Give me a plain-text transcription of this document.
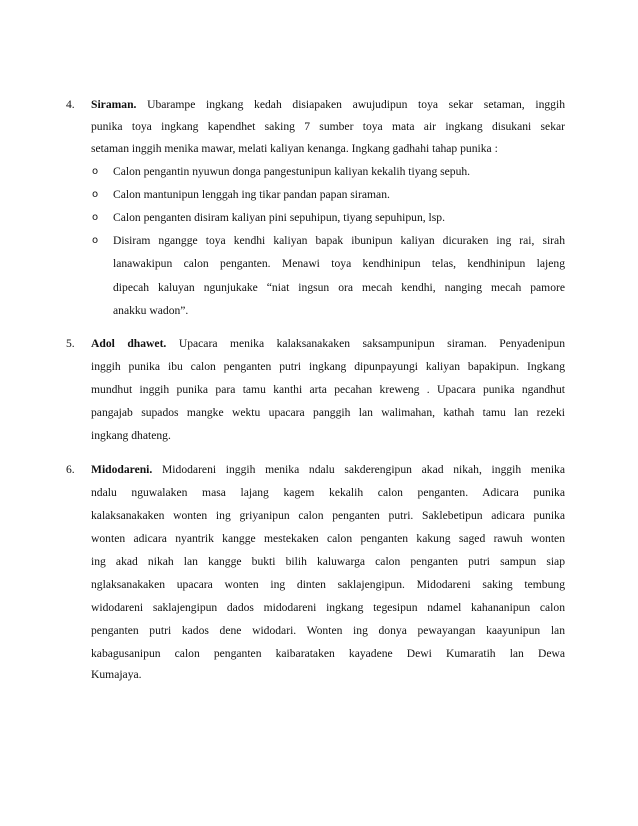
4. Siraman. Ubarampe ingkang kedah disiapaken awujudipun toya sekar setaman, inggih
punika toya ingkang kapendhet saking 7 sumber toya mata air ingkang disukani sekar
setaman inggih menika mawar, melati kaliyan kenanga. Ingkang gadhahi tahap punika :
o Calon pengantin nyuwun donga pangestunipun kaliyan kekalih tiyang sepuh.
o Calon mantunipun lenggah ing tikar pandan papan siraman.
o Calon penganten disiram kaliyan pini sepuhipun, tiyang sepuhipun, lsp.
o Disiram ngangge toya kendhi kaliyan bapak ibunipun kaliyan dicuraken ing rai, sirah
lanawakipun calon penganten. Menawi toya kendhinipun telas, kendhinipun lajeng
dipecah kaluyan ngunjukake “niat ingsun ora mecah kendhi, nanging mecah pamore
anakku wadon”.
5. Adol dhawet. Upacara menika kalaksanakaken saksampunipun siraman. Penyadenipun
inggih punika ibu calon penganten putri ingkang dipunpayungi kaliyan bapakipun. Ingkang
mundhut inggih punika para tamu kanthi arta pecahan kreweng . Upacara punika ngandhut
pangajab supados mangke wektu upacara panggih lan walimahan, kathah tamu lan rezeki
ingkang dhateng.
6. Midodareni. Midodareni inggih menika ndalu sakderengipun akad nikah, inggih menika
ndalu nguwalaken masa lajang kagem kekalih calon penganten. Adicara punika
kalaksanakaken wonten ing griyanipun calon penganten putri. Saklebetipun adicara punika
wonten adicara nyantrik kangge mestekaken calon penganten kakung saged rawuh wonten
ing akad nikah lan kangge bukti bilih kaluwarga calon penganten putri sampun siap
nglaksanakaken upacara wonten ing dinten saklajengipun. Midodareni saking tembung
widodareni saklajengipun dados midodareni ingkang tegesipun ndamel kahananipun calon
penganten putri kados dene widodari. Wonten ing donya pewayangan kaayunipun lan
kabagusanipun calon penganten kaibarataken kayadene Dewi Kumaratih lan Dewa
Kumajaya.
